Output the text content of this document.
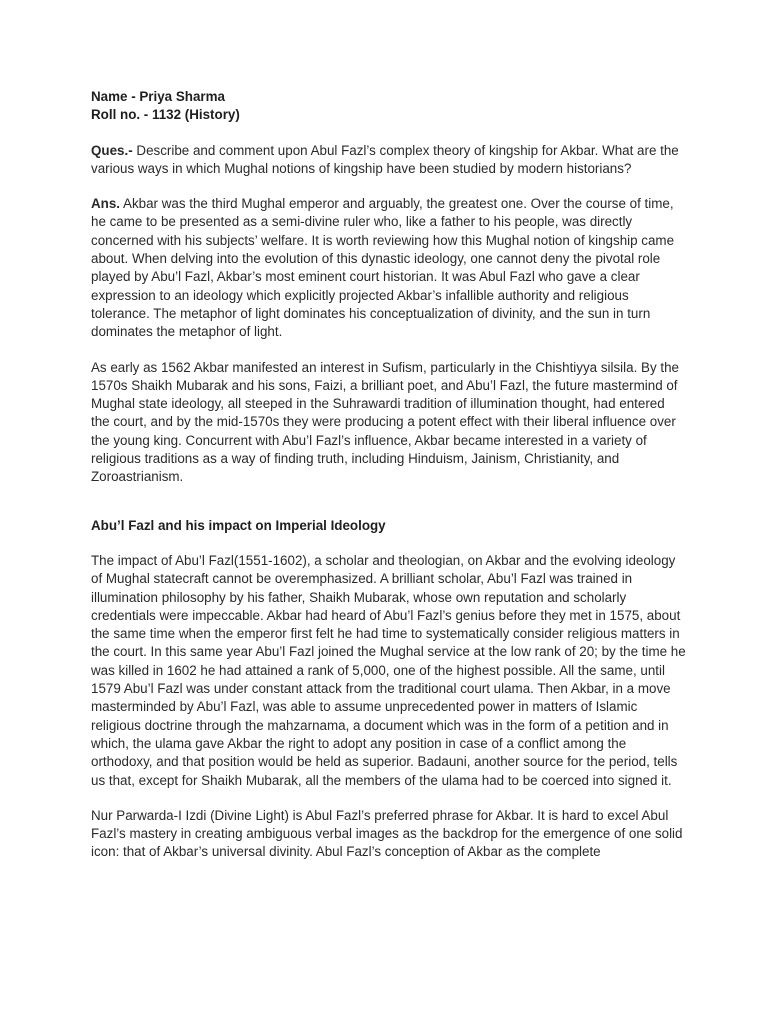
Name - Priya Sharma

Roll no. - 1132 (History)

Ques.- Describe and comment upon Abul Fazl’s complex theory of kingship for Akbar. What are the various ways in which Mughal notions of kingship have been studied by modern historians?

Ans. Akbar was the third Mughal emperor and arguably, the greatest one. Over the course of time, he came to be presented as a semi-divine ruler who, like a father to his people, was directly concerned with his subjects’ welfare. It is worth reviewing how this Mughal notion of kingship came about. When delving into the evolution of this dynastic ideology, one cannot deny the pivotal role played by Abu’l Fazl, Akbar’s most eminent court historian. It was Abul Fazl who gave a clear expression to an ideology which explicitly projected Akbar’s infallible authority and religious tolerance. The metaphor of light dominates his conceptualization of divinity, and the sun in turn dominates the metaphor of light.

As early as 1562 Akbar manifested an interest in Sufism, particularly in the Chishtiyya silsila. By the 1570s Shaikh Mubarak and his sons, Faizi, a brilliant poet, and Abu’l Fazl, the future mastermind of Mughal state ideology, all steeped in the Suhrawardi tradition of illumination thought, had entered the court, and by the mid-1570s they were producing a potent effect with their liberal influence over the young king. Concurrent with Abu’l Fazl’s influence, Akbar became interested in a variety of religious traditions as a way of finding truth, including Hinduism, Jainism, Christianity, and Zoroastrianism.

Abu’l Fazl and his impact on Imperial Ideology

The impact of Abu’l Fazl(1551-1602), a scholar and theologian, on Akbar and the evolving ideology of Mughal statecraft cannot be overemphasized. A brilliant scholar, Abu’l Fazl was trained in illumination philosophy by his father, Shaikh Mubarak, whose own reputation and scholarly credentials were impeccable. Akbar had heard of Abu’l Fazl’s genius before they met in 1575, about the same time when the emperor first felt he had time to systematically consider religious matters in the court. In this same year Abu’l Fazl joined the Mughal service at the low rank of 20; by the time he was killed in 1602 he had attained a rank of 5,000, one of the highest possible. All the same, until 1579 Abu’l Fazl was under constant attack from the traditional court ulama. Then Akbar, in a move masterminded by Abu’l Fazl, was able to assume unprecedented power in matters of Islamic religious doctrine through the mahzarnama, a document which was in the form of a petition and in which, the ulama gave Akbar the right to adopt any position in case of a conflict among the orthodoxy, and that position would be held as superior. Badauni, another source for the period, tells us that, except for Shaikh Mubarak, all the members of the ulama had to be coerced into signed it.

Nur Parwarda-I Izdi (Divine Light) is Abul Fazl’s preferred phrase for Akbar. It is hard to excel Abul Fazl’s mastery in creating ambiguous verbal images as the backdrop for the emergence of one solid icon: that of Akbar’s universal divinity. Abul Fazl’s conception of Akbar as the complete
